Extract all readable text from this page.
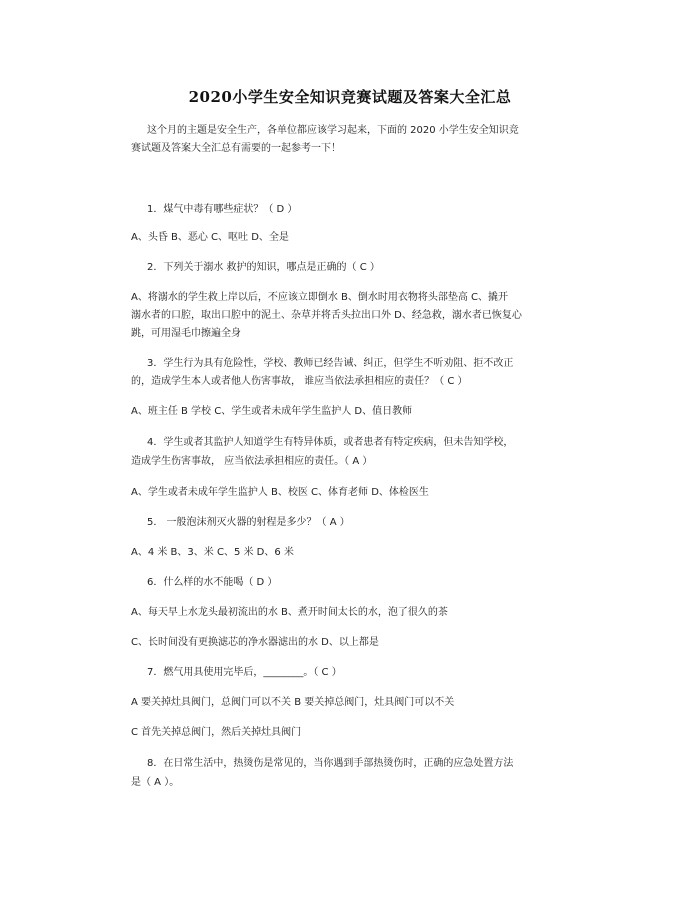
2020小学生安全知识竞赛试题及答案大全汇总
这个月的主题是安全生产，各单位都应该学习起来，下面的 2020 小学生安全知识竞
赛试题及答案大全汇总有需要的一起参考一下！
1．煤气中毒有哪些症状？（ D ）
A、头昏 B、恶心 C、呕吐 D、全是
2．下列关于溺水 救护的知识，哪点是正确的（ C ）
A、将溺水的学生救上岸以后，不应该立即倒水 B、倒水时用衣物将头部垫高 C、撬开
溺水者的口腔，取出口腔中的泥土、杂草并将舌头拉出口外 D、经急救，溺水者已恢复心
跳，可用湿毛巾擦遍全身
3．学生行为具有危险性，学校、教师已经告诫、纠正，但学生不听劝阻、拒不改正
的，造成学生本人或者他人伤害事故， 谁应当依法承担相应的责任？（ C ）
A、班主任 B 学校 C、学生或者未成年学生监护人 D、值日教师
4．学生或者其监护人知道学生有特异体质，或者患者有特定疾病，但未告知学校，
造成学生伤害事故， 应当依法承担相应的责任。（ A ）
A、学生或者未成年学生监护人 B、校医 C、体育老师 D、体检医生
5． 一般泡沫剂灭火器的射程是多少？（ A ）
A、4 米 B、3、米 C、5 米 D、6 米
6．什么样的水不能喝（ D ）
A、每天早上水龙头最初流出的水 B、煮开时间太长的水，泡了很久的茶
C、长时间没有更换滤芯的净水器滤出的水 D、以上都是
7．燃气用具使用完毕后，________。（ C ）
A 要关掉灶具阀门，总阀门可以不关 B 要关掉总阀门，灶具阀门可以不关
C 首先关掉总阀门，然后关掉灶具阀门
8．在日常生活中，热烫伤是常见的，当你遇到手部热烫伤时，正确的应急处置方法
是（ A ）。
